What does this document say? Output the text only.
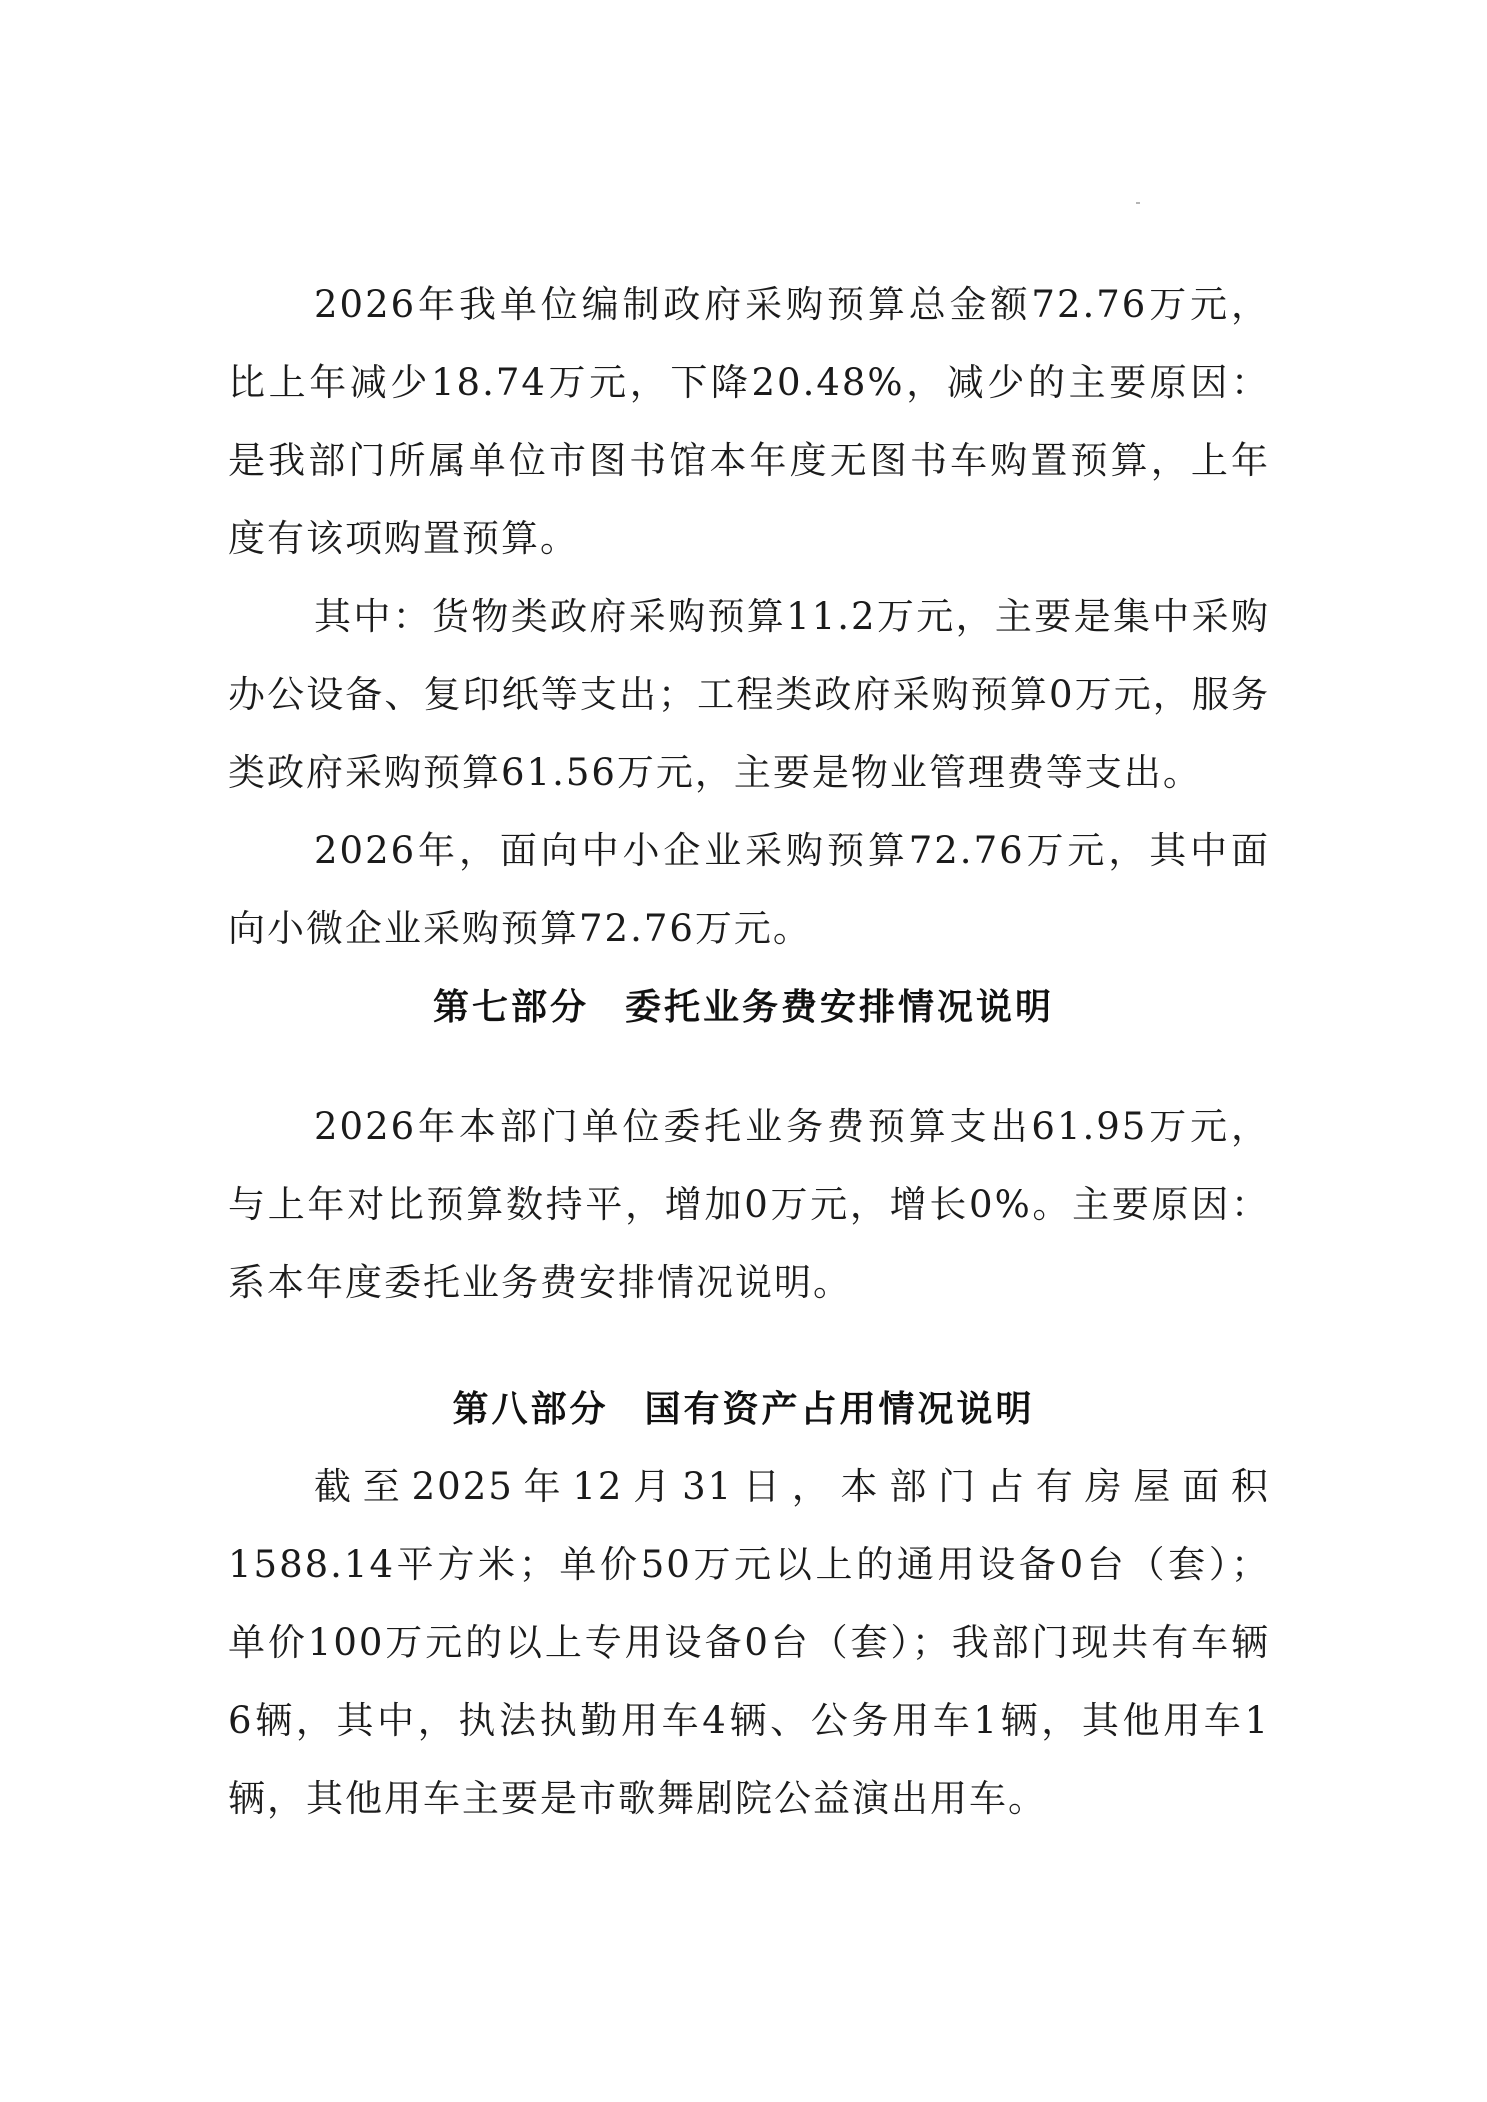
2026年我单位编制政府采购预算总金额72.76万元，比上年减少18.74万元，下降20.48%，减少的主要原因：是我部门所属单位市图书馆本年度无图书车购置预算，上年度有该项购置预算。

其中：货物类政府采购预算11.2万元，主要是集中采购办公设备、复印纸等支出；工程类政府采购预算0万元，服务类政府采购预算61.56万元，主要是物业管理费等支出。

2026年，面向中小企业采购预算72.76万元，其中面向小微企业采购预算72.76万元。

第七部分 委托业务费安排情况说明

2026年本部门单位委托业务费预算支出61.95万元，与上年对比预算数持平，增加0万元，增长0%。主要原因：系本年度委托业务费安排情况说明。

第八部分 国有资产占用情况说明

截至2025年12月31日，本部门占有房屋面积1588.14平方米；单价50万元以上的通用设备0台（套）；单价100万元的以上专用设备0台（套）；我部门现共有车辆6辆，其中，执法执勤用车4辆、公务用车1辆，其他用车1辆，其他用车主要是市歌舞剧院公益演出用车。
